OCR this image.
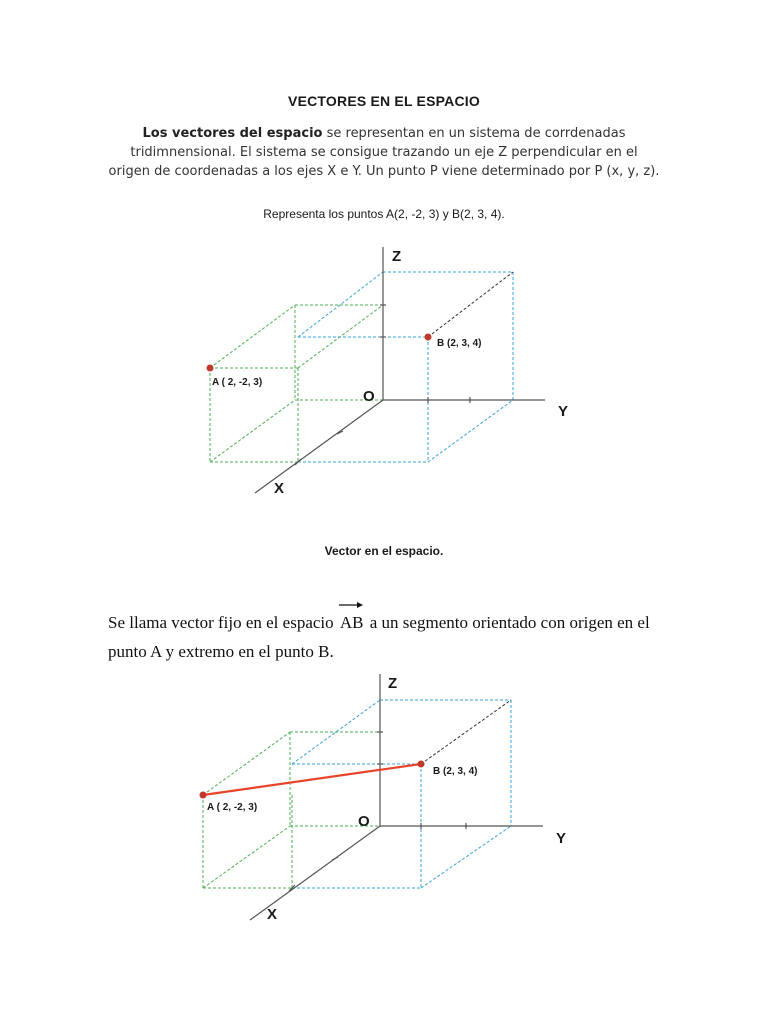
VECTORES EN EL ESPACIO
Los vectores del espacio se representan en un sistema de corrdenadas tridimnensional. El sistema se consigue trazando un eje Z perpendicular en el origen de coordenadas a los ejes X e Y. Un punto P viene determinado por P (x, y, z).
Representa los puntos A(2, -2, 3) y B(2, 3, 4).
A ( 2, -2, 3)
B (2, 3, 4)
Z
Y
X
O
Vector en el espacio.
Se llama vector fijo en el espacio
AB a un segmento orientado con origen en el punto A y extremo en el punto B.
A ( 2, -2, 3)
B (2, 3, 4)
Z
Y
X
O
